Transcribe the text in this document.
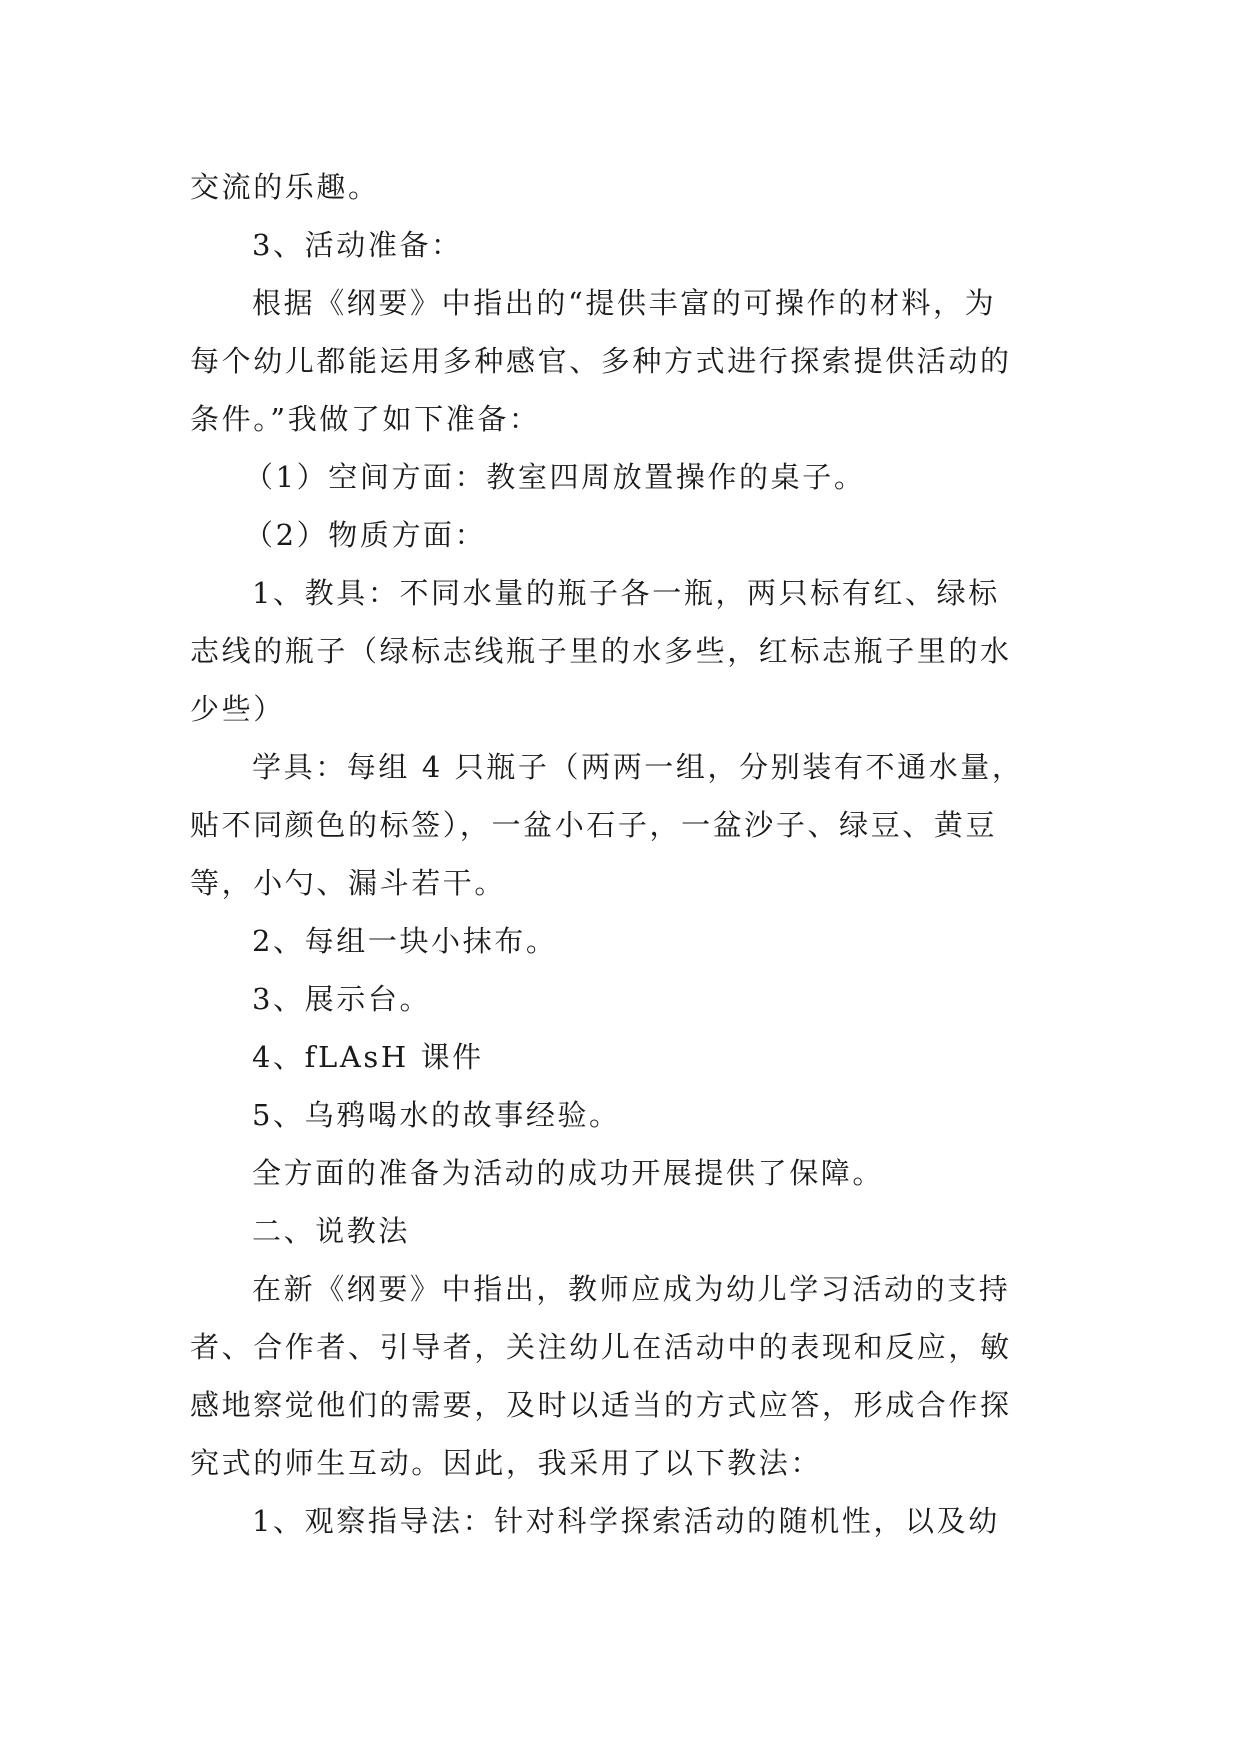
交流的乐趣。
3、活动准备：
根据《纲要》中指出的“提供丰富的可操作的材料，为
每个幼儿都能运用多种感官、多种方式进行探索提供活动的
条件。”我做了如下准备：
（1）空间方面：教室四周放置操作的桌子。
（2）物质方面：
1、教具：不同水量的瓶子各一瓶，两只标有红、绿标
志线的瓶子（绿标志线瓶子里的水多些，红标志瓶子里的水
少些）
学具：每组 4 只瓶子（两两一组，分别装有不通水量，
贴不同颜色的标签），一盆小石子，一盆沙子、绿豆、黄豆
等，小勺、漏斗若干。
2、每组一块小抹布。
3、展示台。
4、fLAsH 课件
5、乌鸦喝水的故事经验。
全方面的准备为活动的成功开展提供了保障。
二、说教法
在新《纲要》中指出，教师应成为幼儿学习活动的支持
者、合作者、引导者，关注幼儿在活动中的表现和反应，敏
感地察觉他们的需要，及时以适当的方式应答，形成合作探
究式的师生互动。因此，我采用了以下教法：
1、观察指导法：针对科学探索活动的随机性，以及幼
